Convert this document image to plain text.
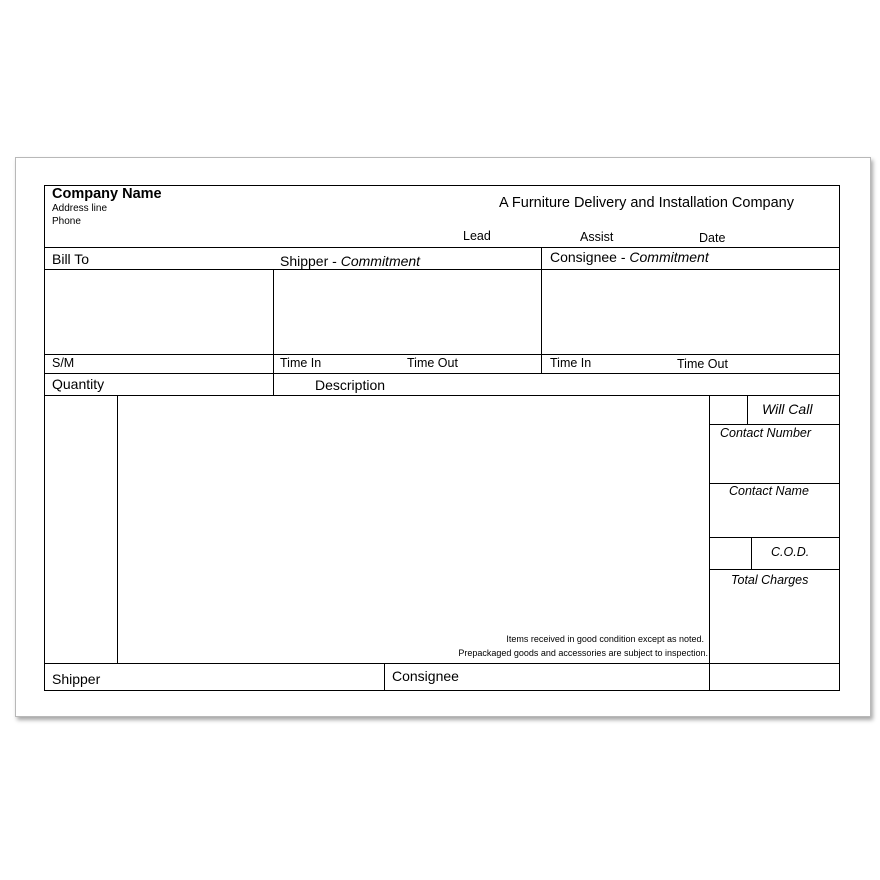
Company Name
Address line
Phone
A Furniture Delivery and Installation Company
Lead	Assist	Date
Bill To	Shipper - Commitment	Consignee - Commitment
S/M	Time In	Time Out	Time In	Time Out
Quantity	Description
Will Call
Contact Number
Contact Name
C.O.D.
Total Charges
Items received in good condition except as noted.
Prepackaged goods and accessories are subject to inspection.
Shipper	Consignee
